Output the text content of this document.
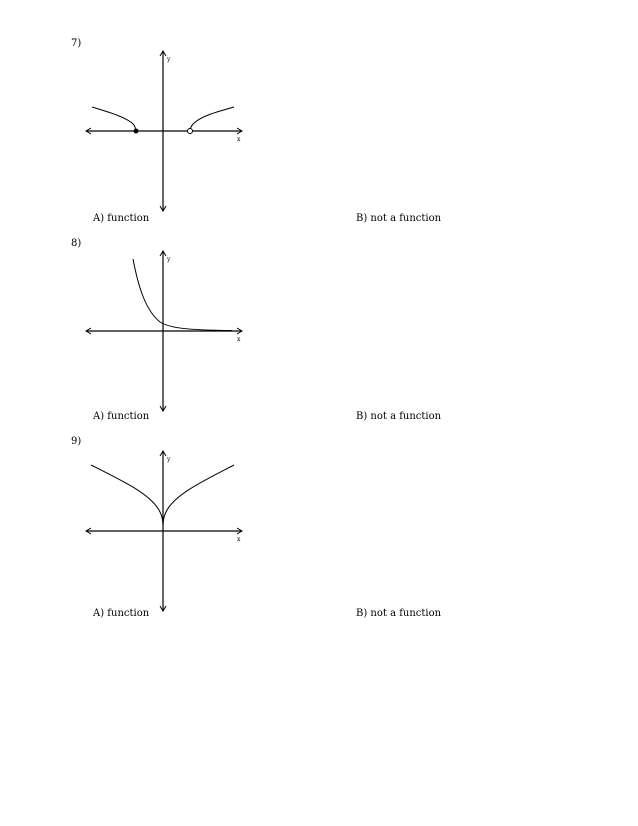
7)
y
x
A) function	B) not a function
8)
y
x
A) function	B) not a function
9)
y
x
A) function	B) not a function
